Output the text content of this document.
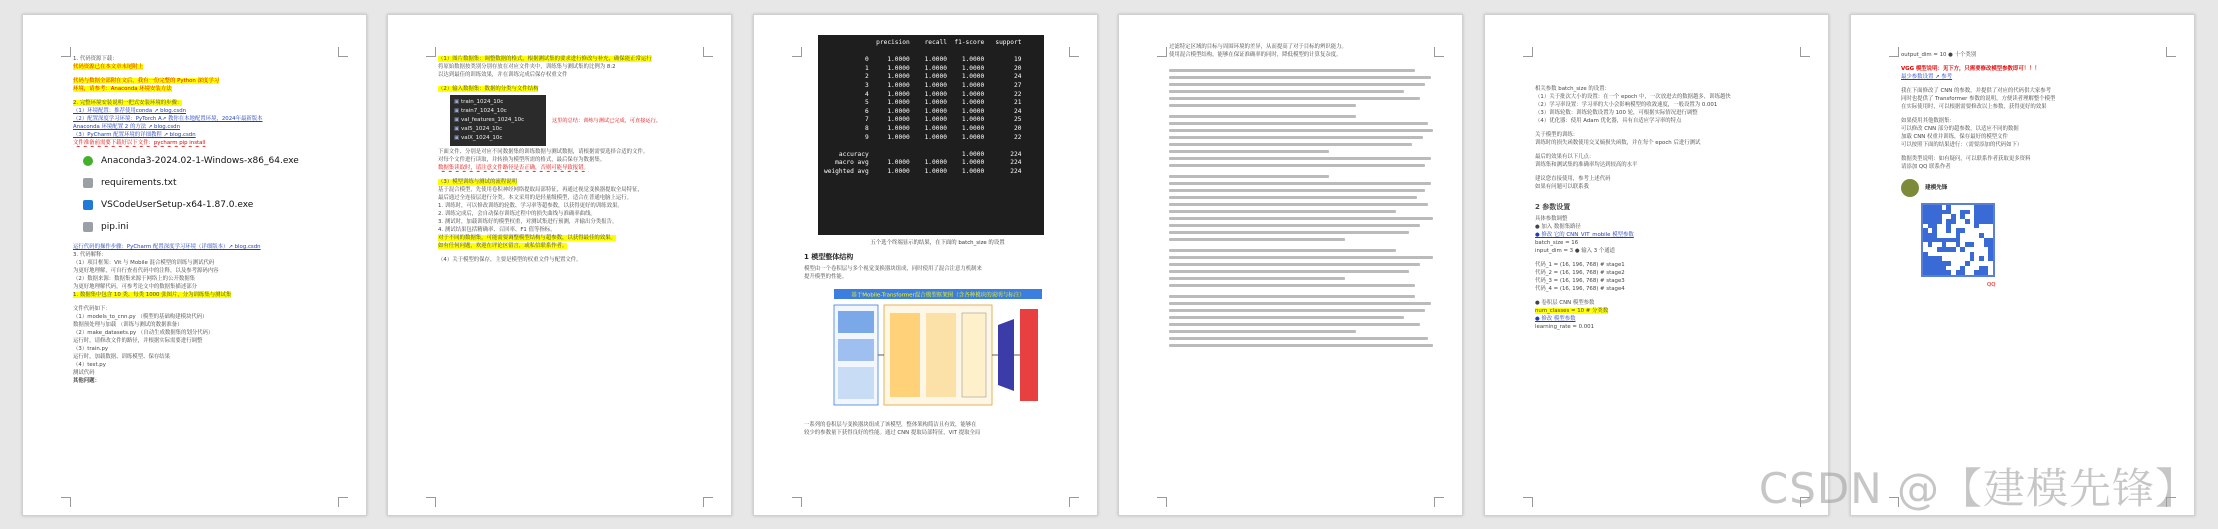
1. 代码资源下载：
代码资源已在本文章末尾附上
代码与数据全部附在文后，我有一份完整的 Python 深度学习
环境，请参考：Anaconda 环境安装方法
2. 完整环境安装说明一把式安装环境的步骤：
（1）环境配置：推荐使用conda ↗ blog.csdn
（2）配置深度学习环境：PyTorch A↗ 教你在本地配置环境，2024年最新版本
Anaconda 环境配置 2 的方法 ↗ blog.csdn
（3）PyCharm 配置环境的详细教程 ↗ blog.csdn
文件准备前需要下载好以下文件：pycharm pip install
Anaconda3-2024.02-1-Windows-x86_64.exe
requirements.txt
VSCodeUserSetup-x64-1.87.0.exe
pip.ini
运行代码的操作步骤：PyCharm 配置深度学习环境（详细版本）↗ blog.csdn
3. 代码解释：
（1）项目框架：Vit 与 Mobile 混合模型的训练与测试代码
为更好地理解，可自行查看代码中的注释，以及参考源码内容
（2）数据来源：数据集来源于网络上的公开数据集
为更好地理解代码，可参考论文中的数据集描述部分
1. 数据集中包含 10 类、每类 1000 张图片，分为训练集与测试集
文件代码如下：
（1）models_to_cnn.py （模型的基础构建模块代码）
数据预处理与加载 （训练与测试的数据准备）
（2）make_datasets.py （自动生成数据集的划分代码）
运行时，请修改文件的路径，并根据实际需要进行调整
（3）train.py
运行时，加载数据、训练模型、保存结果
（4）test.py
测试代码
其他问题：
（1）图片数据集：调整数据的格式，根据测试集的要求进行修改与补充，确保能正常运行
将原始数据按类别分别存放在对应文件夹中，训练集与测试集的比例为 8:2
以达到最佳的训练效果，并在训练完成后保存权重文件
（2）输入数据集：数据的分类与文件结构
▣ train_1024_10c
▣ train7_1024_10c
▣ val_features_1024_10c
▣ val5_1024_10c
▣ valX_1024_10c
这里的总结：训练与测试已完成，可直接运行。
下面文件、分别是对应不同数据集的训练数据与测试数据，请根据需要选择合适的文件。
对每个文件进行读取，并转换为模型所需的格式，最后保存为数据集。
数据集读取时，请注意文件路径是否正确，否则可能导致报错。
（3）模型训练与测试的流程说明
基于混合模型，先使用卷积神经网络提取局部特征，再通过视觉变换器提取全局特征，
最后通过全连接层进行分类。本文采用的是轻量级模型，适合在普通电脑上运行。
1. 训练时，可以修改训练的轮数、学习率等超参数，以获得更好的训练效果。
2. 训练完成后，会自动保存训练过程中的损失曲线与准确率曲线。
3. 测试时，加载训练好的模型权重，对测试集进行预测，并输出分类报告。
4. 测试结果包括精确率、召回率、F1 值等指标。
对于不同的数据集，可能需要调整模型结构与超参数，以获得最佳的效果。
如有任何问题，欢迎在评论区留言，或私信联系作者。
（4）关于模型的保存，主要是模型的权重文件与配置文件。
precision    recall  f1-score   support

0     1.0000    1.0000    1.0000        19
1     1.0000    1.0000    1.0000        20
2     1.0000    1.0000    1.0000        24
3     1.0000    1.0000    1.0000        27
4     1.0000    1.0000    1.0000        22
5     1.0000    1.0000    1.0000        21
6     1.0000    1.0000    1.0000        24
7     1.0000    1.0000    1.0000        25
8     1.0000    1.0000    1.0000        20
9     1.0000    1.0000    1.0000        22

accuracy                         1.0000       224
macro avg     1.0000    1.0000    1.0000       224
weighted avg     1.0000    1.0000    1.0000       224
五个选个终端显示的结果，在下面的 batch_size 的设置
1 模型整体结构
模型由一个卷积层与多个视觉变换器块组成，同时使用了混合注意力机制来
提升模型的性能。
基于Mobile-Transformer混合模型框架图（含各种模块的说明与标注）
一系列的卷积层与变换器块组成了该模型，整体架构简洁且有效，能够在
较少的参数量下获得良好的性能。通过 CNN 提取局部特征，ViT 提取全局
过滤特定区域的目标与周围环境的差异，从而提高了对于目标的辨识能力。
使用混合模型结构，能够在保证准确率的同时，降低模型的计算复杂度。
相关参数 batch_size 的设置：
（1）关于批次大小的设置：在一个 epoch 中，一次放进去的数据越多，训练越快
（2）学习率设置：学习率的大小会影响模型的收敛速度，一般设置为 0.001
（3）训练轮数：训练轮数设置为 100 轮，可根据实际情况进行调整
（4）优化器：使用 Adam 优化器，具有自适应学习率的特点
关于模型的训练：
训练时的损失函数使用交叉熵损失函数，并在每个 epoch 后进行测试
最后的效果有以下几点：
训练集和测试集的准确率均达到较高的水平
建议您直接使用，参考上述代码
如果有问题可以联系我
2 参数设置
具体参数调整
● 加入 数据集路径
● 修改 它的 CNN_VIT_mobile 模型参数
batch_size = 16
input_dim = 3 ● 输入 3 个通道
代码_1 = (16, 196, 768) # stage1
代码_2 = (16, 196, 768) # stage2
代码_3 = (16, 196, 768) # stage3
代码_4 = (16, 196, 768) # stage4
● 卷积层 CNN 模型参数
num_classes = 10 # 分类数
● 修改 模型参数
learning_rate = 0.001
output_dim = 10 ● 十个类别
VGG 模型说明：见下方，只需要修改模型参数即可！！！
最少参数设置 ↗ 参考
我在下面修改了 CNN 的参数，并提供了对应的代码供大家参考
同时也提供了 Transformer 参数的说明，方便读者理解整个模型
在实际使用时，可以根据需要修改以上参数，获得更好的效果
如果使用其他数据集：
可以修改 CNN 部分的超参数，以适应不同的数据
加载 CNN 权重并训练，保存最好的模型文件
可以按照下面的结果进行：（需要添加的代码如下）
数据类型说明：如有疑问，可以联系作者获取更多资料
请添加 QQ 联系作者
建模先锋
QQ
CSDN @【建模先锋】
